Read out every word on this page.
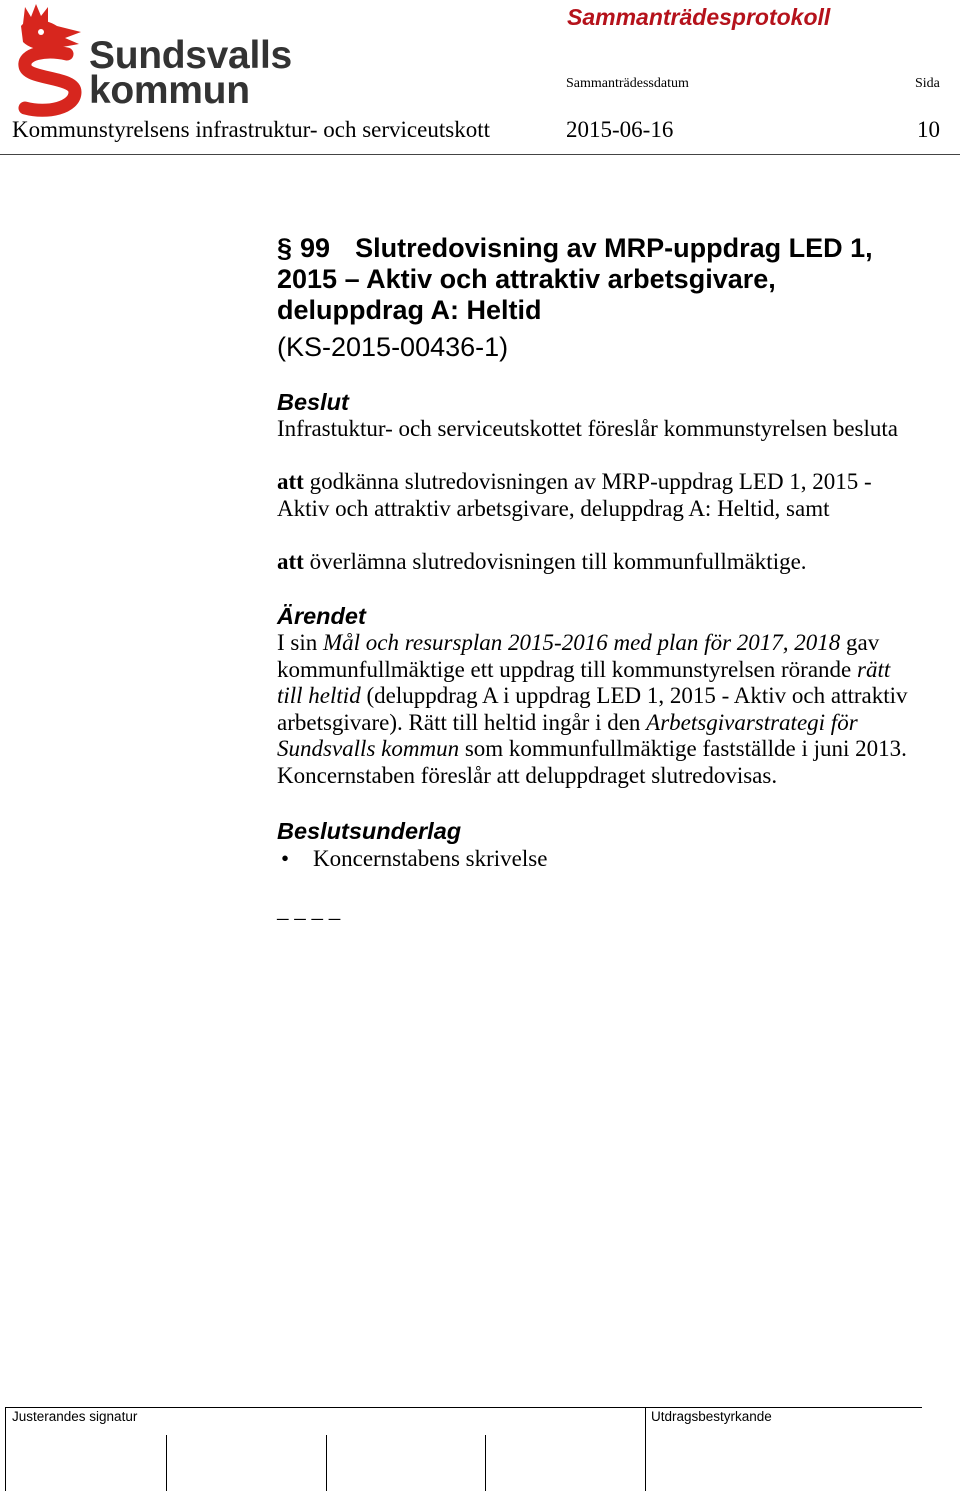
Sundsvalls
kommun
Sammanträdesprotokoll
Sammanträdessdatum	Sida
Kommunstyrelsens infrastruktur- och serviceutskott	2015-06-16	10
§ 99 Slutredovisning av MRP-uppdrag LED 1,
2015 – Aktiv och attraktiv arbetsgivare,
deluppdrag A: Heltid
(KS-2015-00436-1)
Beslut
Infrastuktur- och serviceutskottet föreslår kommunstyrelsen besluta
att godkänna slutredovisningen av MRP-uppdrag LED 1, 2015 -
Aktiv och attraktiv arbetsgivare, deluppdrag A: Heltid, samt
att överlämna slutredovisningen till kommunfullmäktige.
Ärendet
I sin Mål och resursplan 2015-2016 med plan för 2017, 2018 gav
kommunfullmäktige ett uppdrag till kommunstyrelsen rörande rätt
till heltid (deluppdrag A i uppdrag LED 1, 2015 - Aktiv och attraktiv
arbetsgivare). Rätt till heltid ingår i den Arbetsgivarstrategi för
Sundsvalls kommun som kommunfullmäktige fastställde i juni 2013.
Koncernstaben föreslår att deluppdraget slutredovisas.
Beslutsunderlag
• Koncernstabens skrivelse
– – – –
Justerandes signatur	Utdragsbestyrkande
